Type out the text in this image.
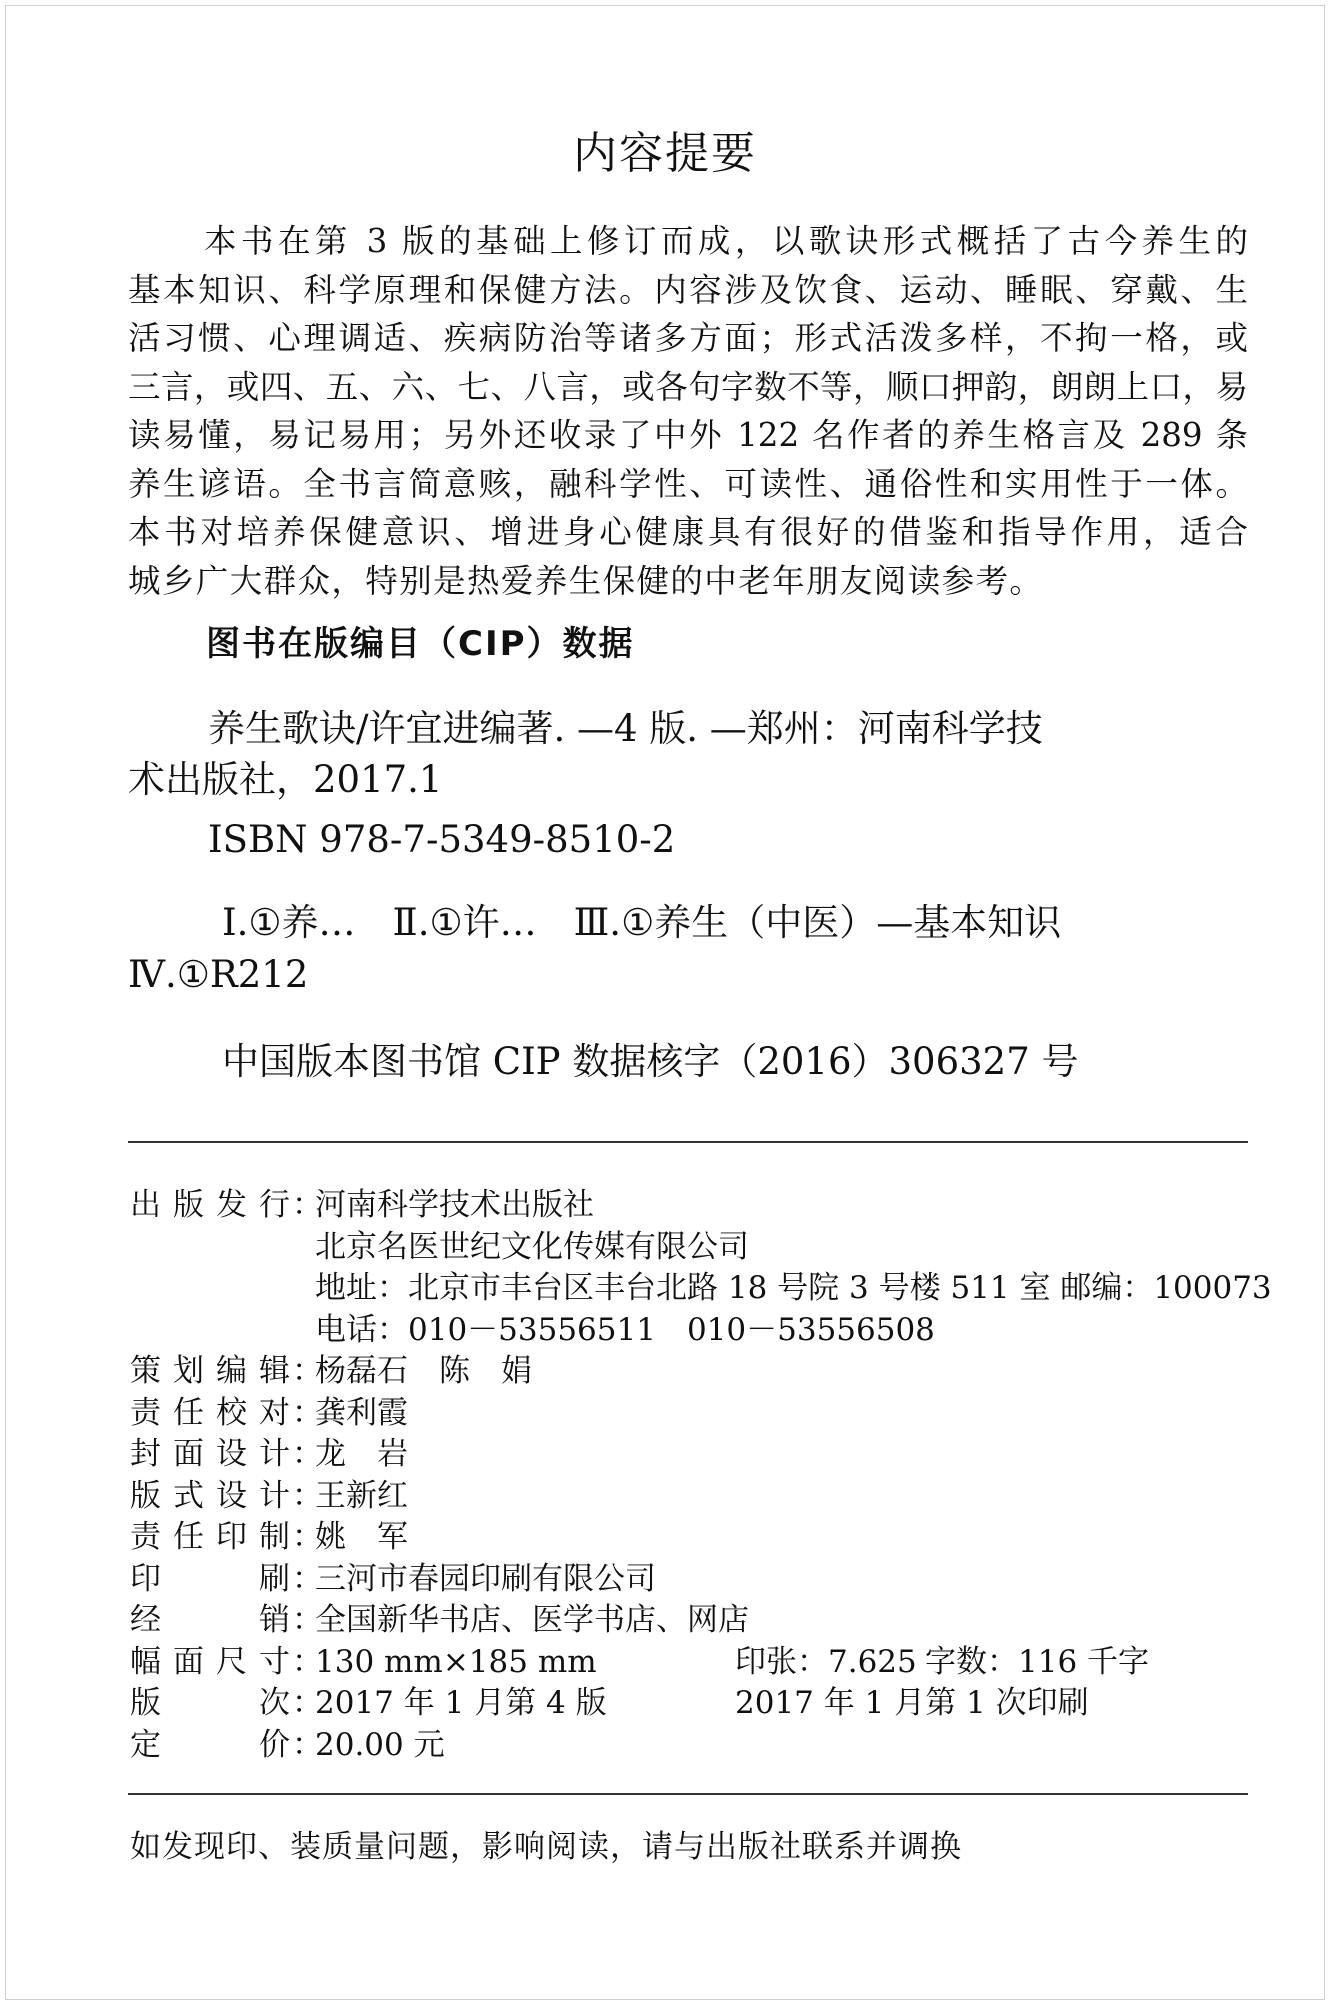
内容提要
本书在第 3 版的基础上修订而成，以歌诀形式概括了古今养生的
基本知识、科学原理和保健方法。内容涉及饮食、运动、睡眠、穿戴、生
活习惯、心理调适、疾病防治等诸多方面；形式活泼多样，不拘一格，或
三言，或四、五、六、七、八言，或各句字数不等，顺口押韵，朗朗上口，易
读易懂，易记易用；另外还收录了中外 122 名作者的养生格言及 289 条
养生谚语。全书言简意赅，融科学性、可读性、通俗性和实用性于一体。
本书对培养保健意识、增进身心健康具有很好的借鉴和指导作用，适合
城乡广大群众，特别是热爱养生保健的中老年朋友阅读参考。
图书在版编目（CIP）数据
养生歌诀/许宜进编著. —4 版. —郑州：河南科学技
术出版社，2017.1
ISBN 978-7-5349-8510-2
Ⅰ.①养…　Ⅱ.①许…　Ⅲ.①养生（中医）—基本知识
Ⅳ.①R212
中国版本图书馆 CIP 数据核字（2016）306327 号
出版发行 ：
河南科学技术出版社
北京名医世纪文化传媒有限公司
地址：北京市丰台区丰台北路 18 号院 3 号楼 511 室 邮编：100073
电话：010－53556511　010－53556508
策划编辑 ：
杨磊石　陈　娟
责任校对 ：
龚利霞
封面设计 ：
龙　岩
版式设计 ：
王新红
责任印制 ：
姚　军
印刷 ：
三河市春园印刷有限公司
经销 ：
全国新华书店、医学书店、网店
幅面尺寸 ：
130 mm×185 mm	印张：7.625 字数：116 千字
版次 ：
2017 年 1 月第 4 版	2017 年 1 月第 1 次印刷
定价 ：
20.00 元
如发现印、装质量问题，影响阅读，请与出版社联系并调换
